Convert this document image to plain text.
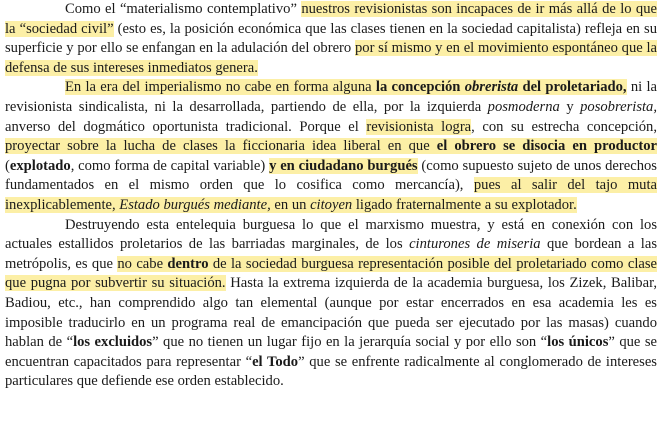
Como el “materialismo contemplativo” nuestros revisionistas son incapaces de ir más allá de lo que la “sociedad civil” (esto es, la posición económica que las clases tienen en la sociedad capitalista) refleja en su superficie y por ello se enfangan en la adulación del obrero por sí mismo y en el movimiento espontáneo que la defensa de sus intereses inmediatos genera.

En la era del imperialismo no cabe en forma alguna la concepción obrerista del proletariado, ni la revisionista sindicalista, ni la desarrollada, partiendo de ella, por la izquierda posmoderna y posobrerista, anverso del dogmático oportunista tradicional. Porque el revisionista logra, con su estrecha concepción, proyectar sobre la lucha de clases la ficcionaria idea liberal en que el obrero se disocia en productor (explotado, como forma de capital variable) y en ciudadano burgués (como supuesto sujeto de unos derechos fundamentados en el mismo orden que lo cosifica como mercancía), pues al salir del tajo muta inexplicablemente, Estado burgués mediante, en un citoyen ligado fraternalmente a su explotador.

Destruyendo esta entelequia burguesa lo que el marxismo muestra, y está en conexión con los actuales estallidos proletarios de las barriadas marginales, de los cinturones de miseria que bordean a las metrópolis, es que no cabe dentro de la sociedad burguesa representación posible del proletariado como clase que pugna por subvertir su situación. Hasta la extrema izquierda de la academia burguesa, los Zizek, Balibar, Badiou, etc., han comprendido algo tan elemental (aunque por estar encerrados en esa academia les es imposible traducirlo en un programa real de emancipación que pueda ser ejecutado por las masas) cuando hablan de “los excluidos” que no tienen un lugar fijo en la jerarquía social y por ello son “los únicos” que se encuentran capacitados para representar “el Todo” que se enfrente radicalmente al conglomerado de intereses particulares que defiende ese orden establecido.
